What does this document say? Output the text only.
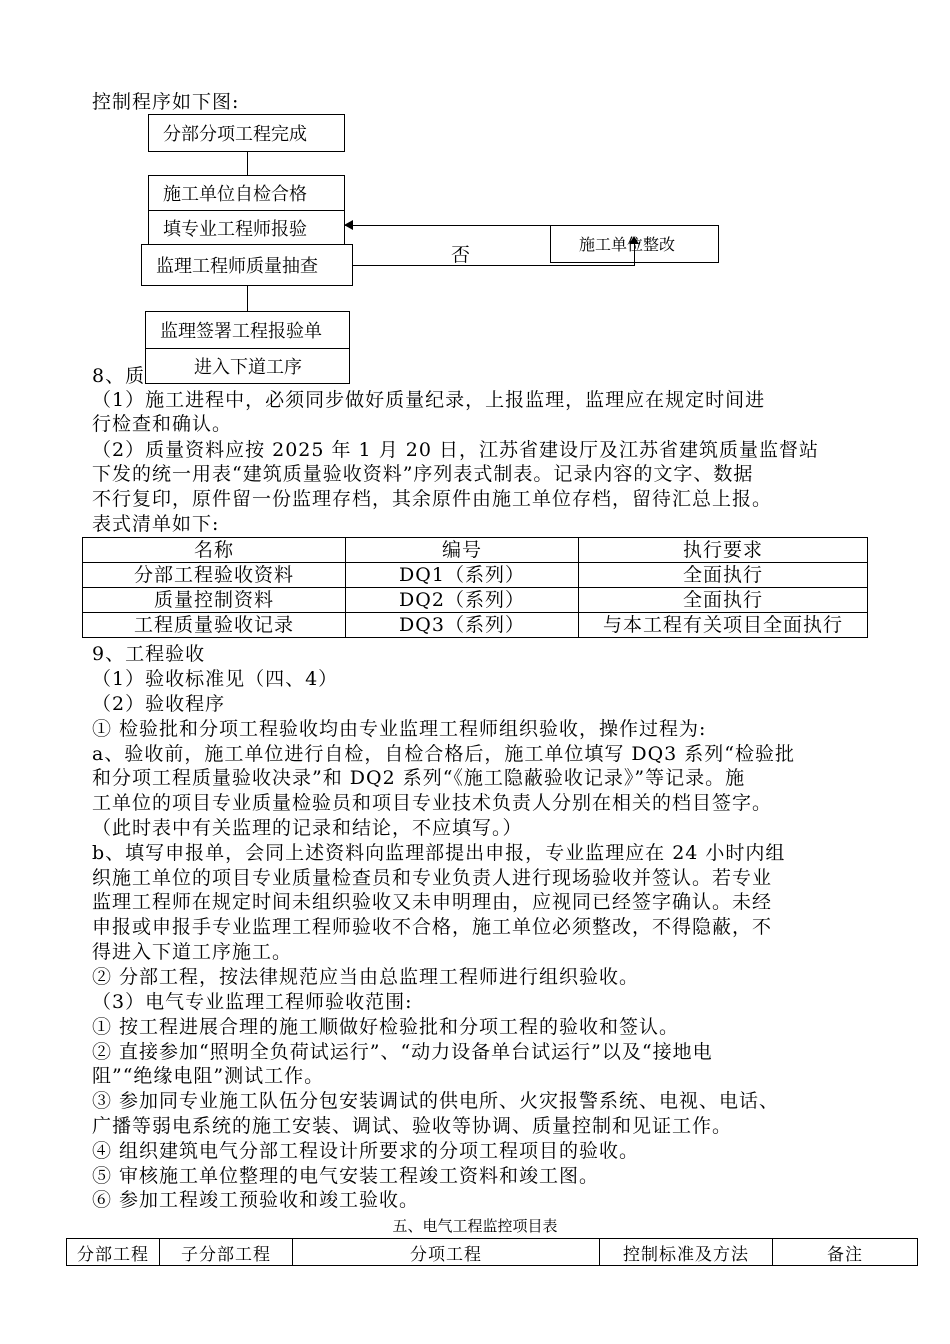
控制程序如下图:
分部分项工程完成
施工单位自检合格
填专业工程师报验
监理工程师质量抽查
监理签署工程报验单
进入下道工序
施工单位整改
否
8、质
（1）施工进程中，必须同步做好质量纪录，上报监理，监理应在规定时间进
行检查和确认。
（2）质量资料应按 2025 年 1 月 20 日，江苏省建设厅及江苏省建筑质量监督站
下发的统一用表“建筑质量验收资料”序列表式制表。记录内容的文字、数据
不行复印，原件留一份监理存档，其余原件由施工单位存档，留待汇总上报。
表式清单如下:
名称	编号	执行要求
分部工程验收资料	DQ1（系列）	全面执行
质量控制资料	DQ2（系列）	全面执行
工程质量验收记录	DQ3（系列）	与本工程有关项目全面执行
9、工程验收
（1）验收标准见（四、4）
（2）验收程序
① 检验批和分项工程验收均由专业监理工程师组织验收，操作过程为:
a、验收前，施工单位进行自检，自检合格后，施工单位填写 DQ3 系列“检验批
和分项工程质量验收决录”和 DQ2 系列“《施工隐蔽验收记录》”等记录。施
工单位的项目专业质量检验员和项目专业技术负责人分别在相关的档目签字。
（此时表中有关监理的记录和结论，不应填写。）
b、填写申报单，会同上述资料向监理部提出申报，专业监理应在 24 小时内组
织施工单位的项目专业质量检查员和专业负责人进行现场验收并签认。若专业
监理工程师在规定时间未组织验收又未申明理由，应视同已经签字确认。未经
申报或申报手专业监理工程师验收不合格，施工单位必须整改，不得隐蔽，不
得进入下道工序施工。
② 分部工程，按法律规范应当由总监理工程师进行组织验收。
（3）电气专业监理工程师验收范围:
① 按工程进展合理的施工顺做好检验批和分项工程的验收和签认。
② 直接参加“照明全负荷试运行”、“动力设备单台试运行”以及“接地电
阻”“绝缘电阻”测试工作。
③ 参加同专业施工队伍分包安装调试的供电所、火灾报警系统、电视、电话、
广播等弱电系统的施工安装、调试、验收等协调、质量控制和见证工作。
④ 组织建筑电气分部工程设计所要求的分项工程项目的验收。
⑤ 审核施工单位整理的电气安装工程竣工资料和竣工图。
⑥ 参加工程竣工预验收和竣工验收。
五、电气工程监控项目表
分部工程	子分部工程	分项工程	控制标准及方法	备注
